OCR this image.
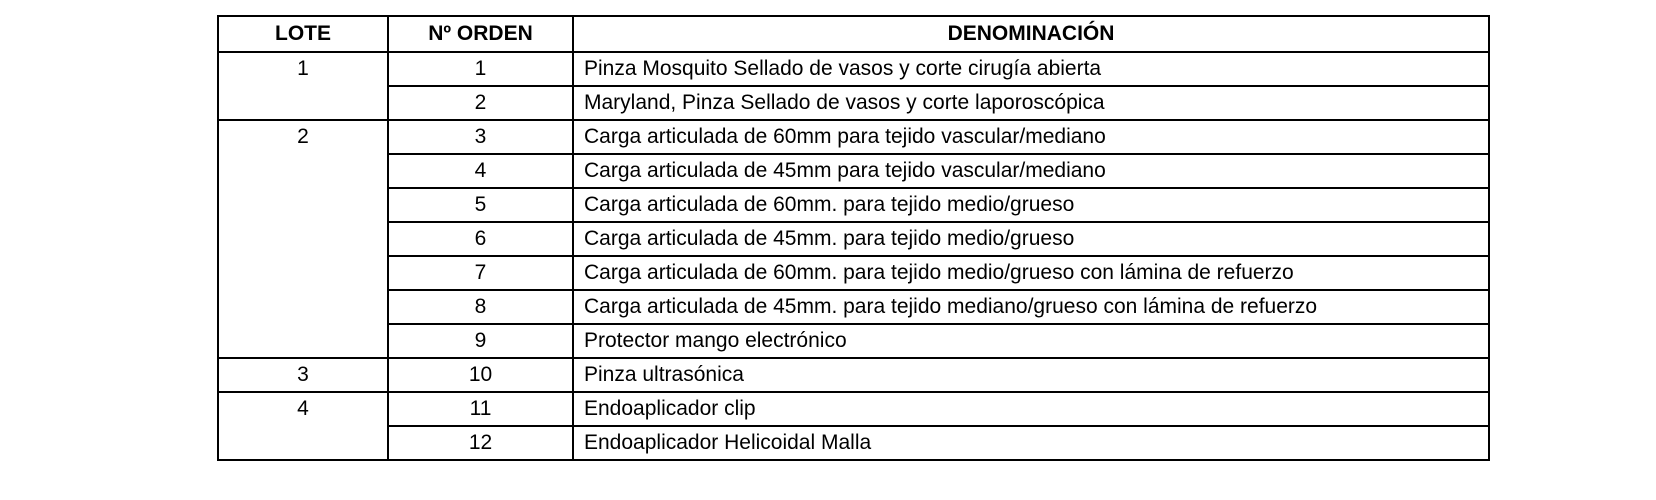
LOTE	Nº ORDEN	DENOMINACIÓN
1	1	Pinza Mosquito Sellado de vasos y corte cirugía abierta
	2	Maryland, Pinza Sellado de vasos y corte laporoscópica
2	3	Carga articulada de 60mm para tejido vascular/mediano
	4	Carga articulada de 45mm para tejido vascular/mediano
	5	Carga articulada de 60mm. para tejido medio/grueso
	6	Carga articulada de 45mm. para tejido medio/grueso
	7	Carga articulada de 60mm. para tejido medio/grueso con lámina de refuerzo
	8	Carga articulada de 45mm. para tejido mediano/grueso con lámina de refuerzo
	9	Protector mango electrónico
3	10	Pinza ultrasónica
4	11	Endoaplicador clip
	12	Endoaplicador Helicoidal Malla
